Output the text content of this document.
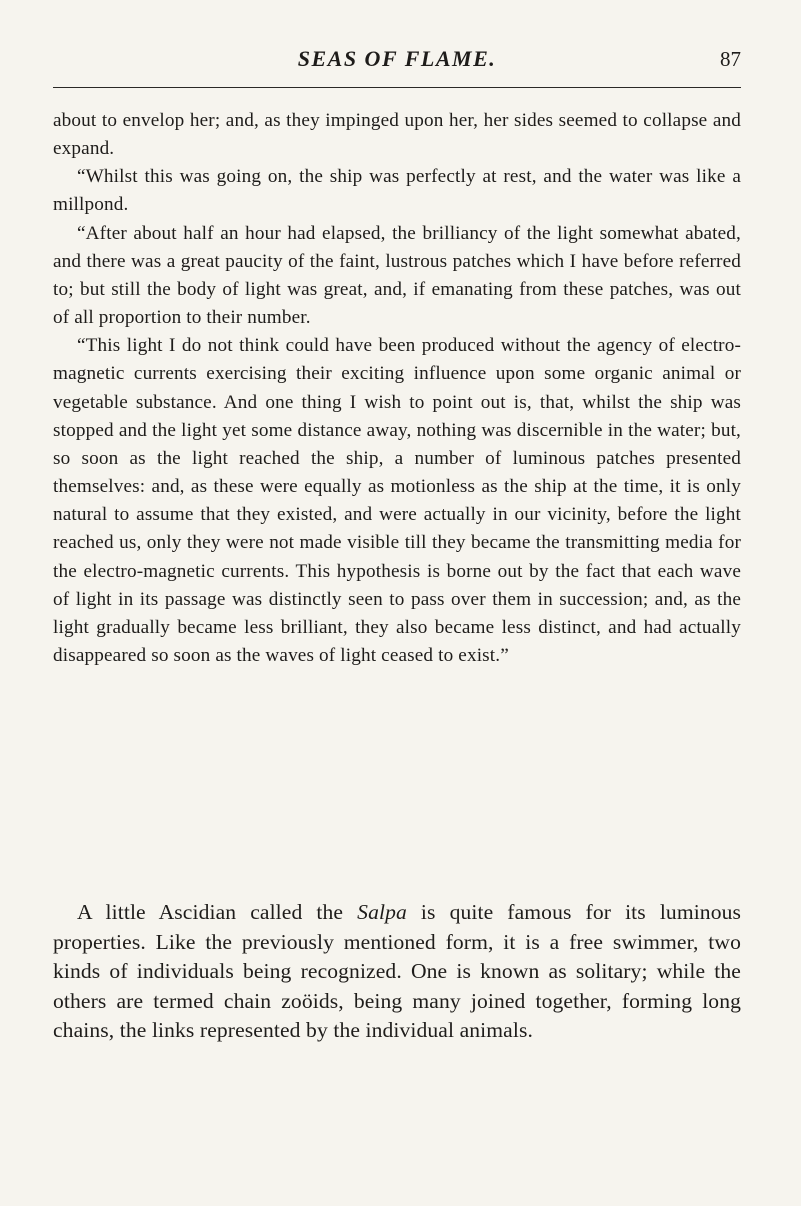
SEAS OF FLAME.	87

about to envelop her; and, as they impinged upon her, her sides seemed to collapse and expand.

“Whilst this was going on, the ship was perfectly at rest, and the water was like a millpond.

“After about half an hour had elapsed, the brilliancy of the light somewhat abated, and there was a great paucity of the faint, lustrous patches which I have before referred to; but still the body of light was great, and, if emanating from these patches, was out of all proportion to their number.

“This light I do not think could have been produced without the agency of electro-magnetic currents exercising their exciting influence upon some organic animal or vegetable substance. And one thing I wish to point out is, that, whilst the ship was stopped and the light yet some distance away, nothing was discernible in the water; but, so soon as the light reached the ship, a number of luminous patches presented themselves: and, as these were equally as motionless as the ship at the time, it is only natural to assume that they existed, and were actually in our vicinity, before the light reached us, only they were not made visible till they became the transmitting media for the electro-magnetic currents. This hypothesis is borne out by the fact that each wave of light in its passage was distinctly seen to pass over them in succession; and, as the light gradually became less brilliant, they also became less distinct, and had actually disappeared so soon as the waves of light ceased to exist.”

A little Ascidian called the Salpa is quite famous for its luminous properties. Like the previously mentioned form, it is a free swimmer, two kinds of individuals being recognized. One is known as solitary; while the others are termed chain zoöids, being many joined together, forming long chains, the links represented by the individual animals.
